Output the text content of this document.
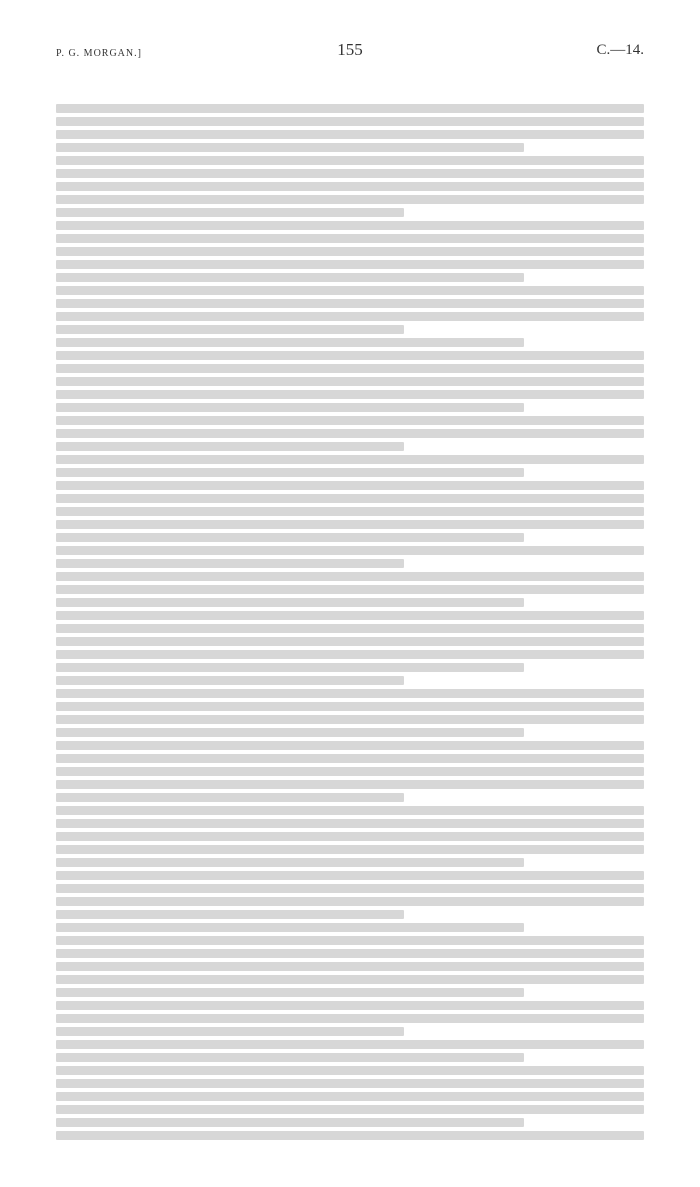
P. G. MORGAN.]	155	C.—14.
